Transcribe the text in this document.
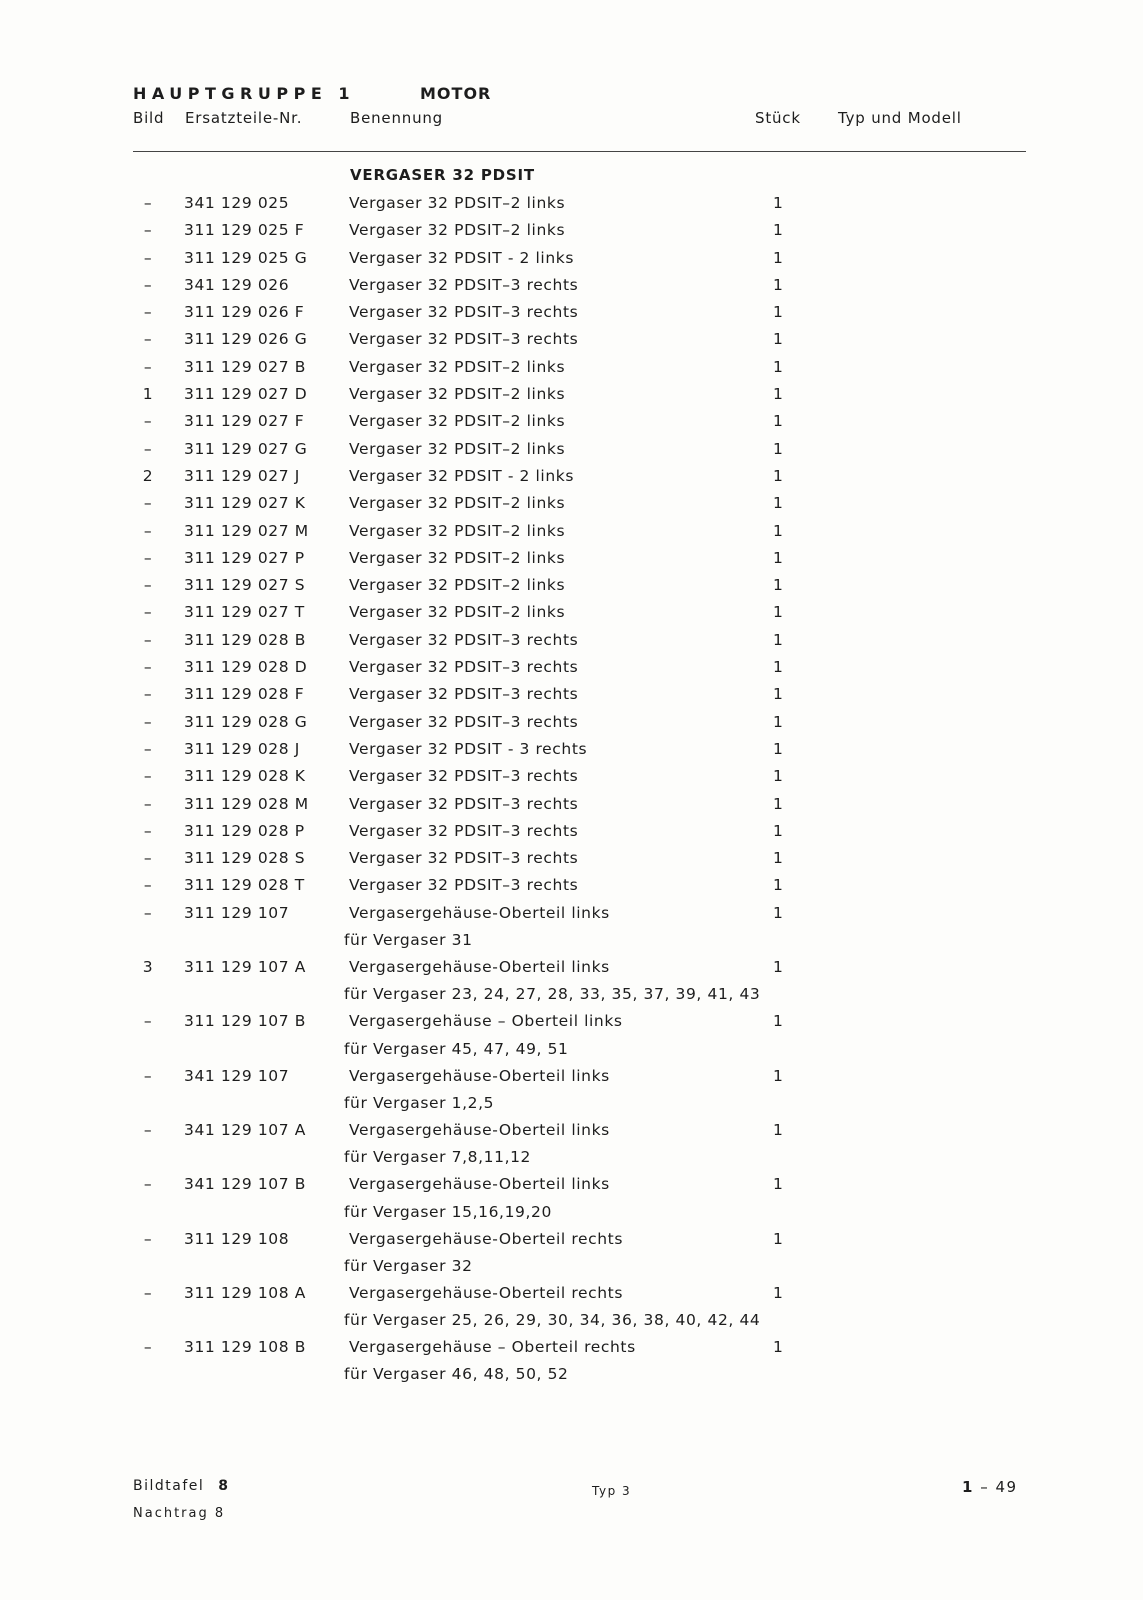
HAUPTGRUPPE 1	MOTOR
Bild Ersatzteile-Nr.	Benennung	Stück Typ und Modell
VERGASER 32 PDSIT
–	341 129 025	Vergaser 32 PDSIT–2 links	1
–	311 129 025 F	Vergaser 32 PDSIT–2 links	1
–	311 129 025 G	Vergaser 32 PDSIT - 2 links	1
–	341 129 026	Vergaser 32 PDSIT–3 rechts	1
–	311 129 026 F	Vergaser 32 PDSIT–3 rechts	1
–	311 129 026 G	Vergaser 32 PDSIT–3 rechts	1
–	311 129 027 B	Vergaser 32 PDSIT–2 links	1
1 311 129 027 D	Vergaser 32 PDSIT–2 links	1
–	311 129 027 F	Vergaser 32 PDSIT–2 links	1
–	311 129 027 G	Vergaser 32 PDSIT–2 links	1
2 311 129 027 J	Vergaser 32 PDSIT - 2 links	1
–	311 129 027 K	Vergaser 32 PDSIT–2 links	1
–	311 129 027 M	Vergaser 32 PDSIT–2 links	1
–	311 129 027 P	Vergaser 32 PDSIT–2 links	1
–	311 129 027 S	Vergaser 32 PDSIT–2 links	1
–	311 129 027 T	Vergaser 32 PDSIT–2 links	1
–	311 129 028 B	Vergaser 32 PDSIT–3 rechts	1
–	311 129 028 D	Vergaser 32 PDSIT–3 rechts	1
–	311 129 028 F	Vergaser 32 PDSIT–3 rechts	1
–	311 129 028 G	Vergaser 32 PDSIT–3 rechts	1
–	311 129 028 J	Vergaser 32 PDSIT - 3 rechts	1
–	311 129 028 K	Vergaser 32 PDSIT–3 rechts	1
–	311 129 028 M	Vergaser 32 PDSIT–3 rechts	1
–	311 129 028 P	Vergaser 32 PDSIT–3 rechts	1
–	311 129 028 S	Vergaser 32 PDSIT–3 rechts	1
–	311 129 028 T	Vergaser 32 PDSIT–3 rechts	1
–	311 129 107	Vergasergehäuse-Oberteil links	1
für Vergaser 31
3 311 129 107 A	Vergasergehäuse-Oberteil links	1
für Vergaser 23, 24, 27, 28, 33, 35, 37, 39, 41, 43
–	311 129 107 B	Vergasergehäuse – Oberteil links	1
für Vergaser 45, 47, 49, 51
–	341 129 107	Vergasergehäuse-Oberteil links	1
für Vergaser 1,2,5
–	341 129 107 A	Vergasergehäuse-Oberteil links	1
für Vergaser 7,8,11,12
–	341 129 107 B	Vergasergehäuse-Oberteil links	1
für Vergaser 15,16,19,20
–	311 129 108	Vergasergehäuse-Oberteil rechts	1
für Vergaser 32
–	311 129 108 A	Vergasergehäuse-Oberteil rechts	1
für Vergaser 25, 26, 29, 30, 34, 36, 38, 40, 42, 44
–	311 129 108 B	Vergasergehäuse – Oberteil rechts	1
für Vergaser 46, 48, 50, 52
Bildtafel 8
Nachtrag 8
Typ 3	1 – 49
